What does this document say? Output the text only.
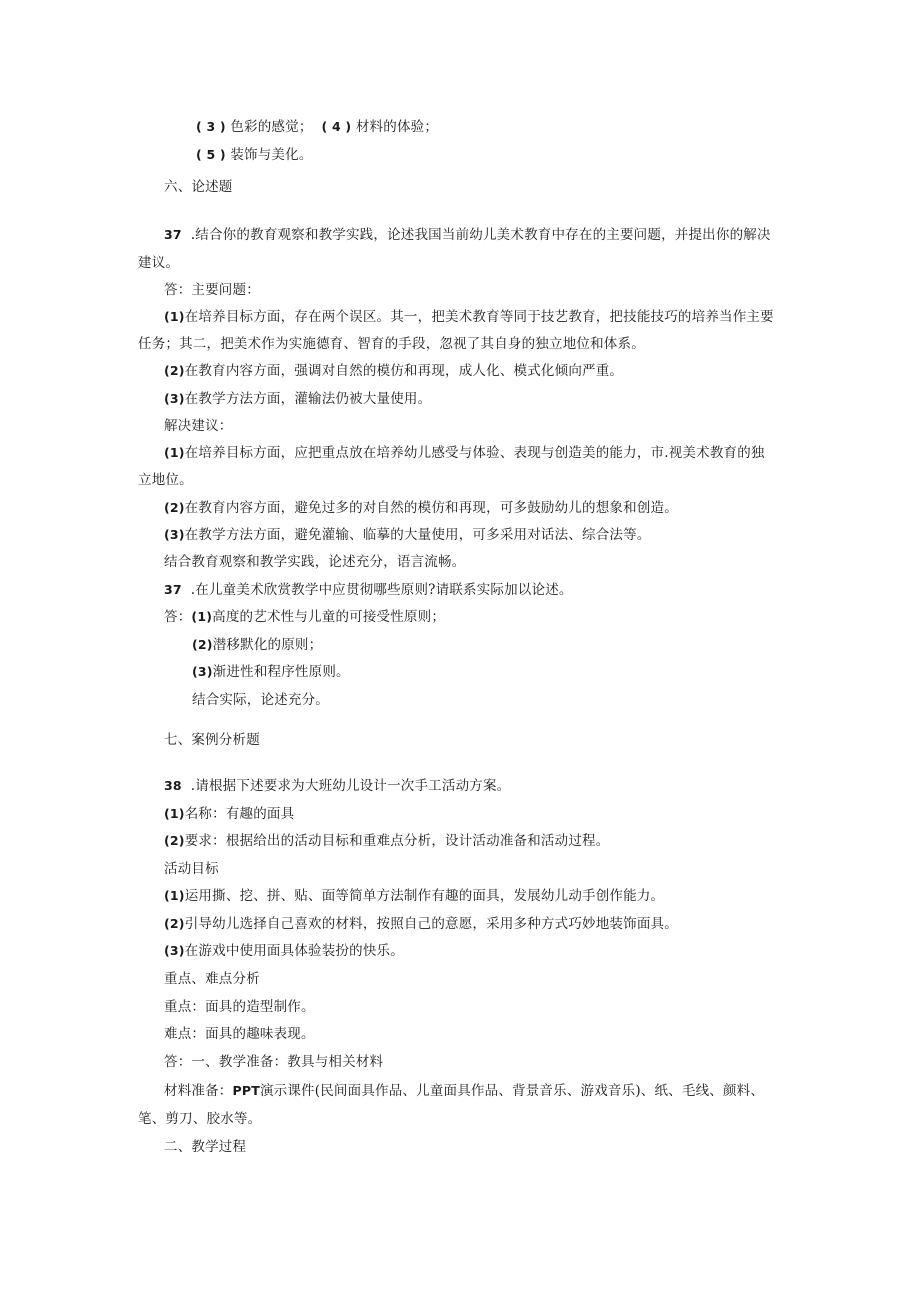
( 3 ) 色彩的感觉； ( 4 ) 材料的体验；
( 5 ) 装饰与美化。
六、论述题
37 .结合你的教育观察和教学实践，论述我国当前幼儿美术教育中存在的主要问题，并提出你的解决
建议。
答：主要问题：
(1)在培养目标方面，存在两个误区。其一，把美术教育等同于技艺教育，把技能技巧的培养当作主要
任务；其二，把美术作为实施德育、智育的手段，忽视了其自身的独立地位和体系。
(2)在教育内容方面，强调对自然的模仿和再现，成人化、模式化倾向严重。
(3)在教学方法方面，灌输法仍被大量使用。
解决建议：
(1)在培养目标方面，应把重点放在培养幼儿感受与体验、表现与创造美的能力，市.视美术教育的独
立地位。
(2)在教育内容方面，避免过多的对自然的模仿和再现，可多鼓励幼儿的想象和创造。
(3)在教学方法方面，避免灌输、临摹的大量使用，可多采用对话法、综合法等。
结合教育观察和教学实践，论述充分，语言流畅。
37 .在儿童美术欣赏教学中应贯彻哪些原则?请联系实际加以论述。
答：(1)高度的艺术性与儿童的可接受性原则；
(2)潜移默化的原则；
(3)渐进性和程序性原则。
结合实际，论述充分。
七、案例分析题
38 .请根据下述要求为大班幼儿设计一次手工活动方案。
(1)名称：有趣的面具
(2)要求：根据给出的活动目标和重难点分析，设计活动准备和活动过程。
活动目标
(1)运用撕、挖、拼、贴、面等简单方法制作有趣的面具，发展幼儿动手创作能力。
(2)引导幼儿选择自己喜欢的材料，按照自己的意愿，采用多种方式巧妙地装饰面具。
(3)在游戏中使用面具体验装扮的快乐。
重点、难点分析
重点：面具的造型制作。
难点：面具的趣味表现。
答：一、教学准备：教具与相关材料
材料准备：PPT演示课件(民间面具作品、儿童面具作品、背景音乐、游戏音乐)、纸、毛线、颜料、
笔、剪刀、胶水等。
二、教学过程
